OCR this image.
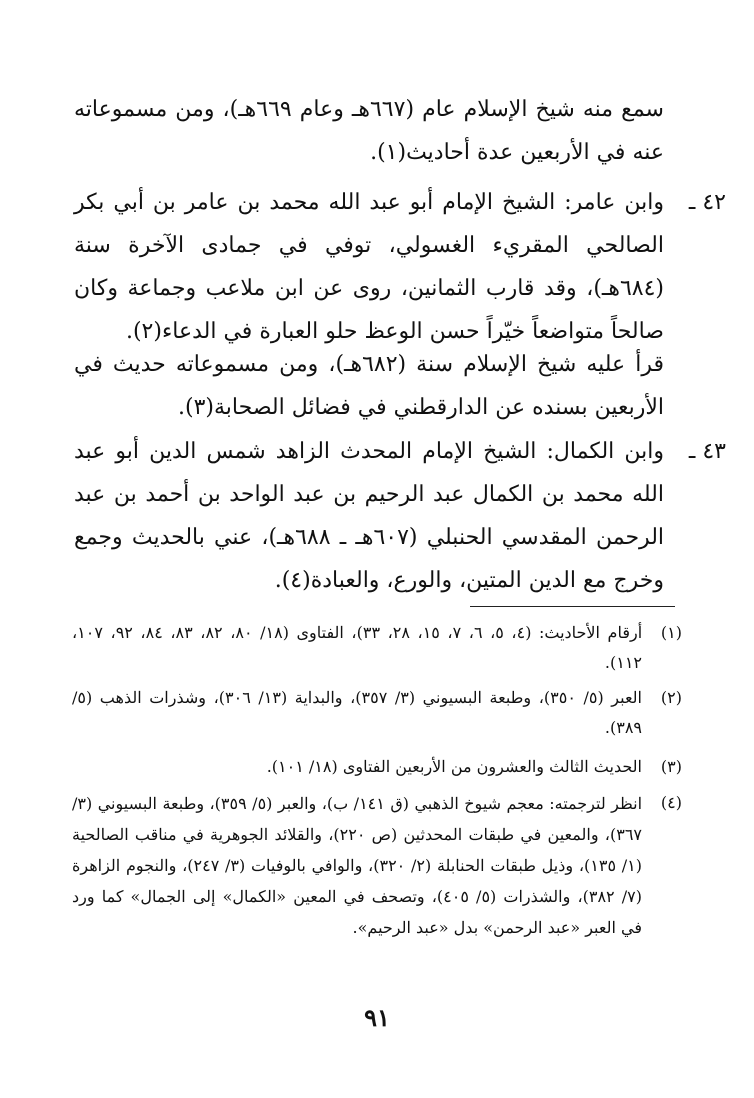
سمع منه شيخ الإسلام عام (٦٦٧هـ وعام ٦٦٩هـ)، ومن مسموعاته عنه في الأربعين عدة أحاديث(١).

٤٢ ـ

وابن عامر: الشيخ الإمام أبو عبد الله محمد بن عامر بن أبي بكر الصالحي المقريء الغسولي، توفي في جمادى الآخرة سنة (٦٨٤هـ)، وقد قارب الثمانين، روى عن ابن ملاعب وجماعة وكان صالحاً متواضعاً خيّراً حسن الوعظ حلو العبارة في الدعاء(٢).

قرأ عليه شيخ الإسلام سنة (٦٨٢هـ)، ومن مسموعاته حديث في الأربعين بسنده عن الدارقطني في فضائل الصحابة(٣).

٤٣ ـ

وابن الكمال: الشيخ الإمام المحدث الزاهد شمس الدين أبو عبد الله محمد بن الكمال عبد الرحيم بن عبد الواحد بن أحمد بن عبد الرحمن المقدسي الحنبلي (٦٠٧هـ ـ ٦٨٨هـ)، عني بالحديث وجمع وخرج مع الدين المتين، والورع، والعبادة(٤).

(١)

أرقام الأحاديث: (٤، ٥، ٦، ٧، ١٥، ٢٨، ٣٣)، الفتاوى (١٨/ ٨٠، ٨٢، ٨٣، ٨٤، ٩٢، ١٠٧، ١١٢).

(٢)

العبر (٥/ ٣٥٠)، وطبعة البسيوني (٣/ ٣٥٧)، والبداية (١٣/ ٣٠٦)، وشذرات الذهب (٥/ ٣٨٩).

(٣)

الحديث الثالث والعشرون من الأربعين الفتاوى (١٨/ ١٠١).

(٤)

انظر لترجمته: معجم شيوخ الذهبي (ق ١٤١/ ب)، والعبر (٥/ ٣٥٩)، وطبعة البسيوني (٣/ ٣٦٧)، والمعين في طبقات المحدثين (ص ٢٢٠)، والقلائد الجوهرية في مناقب الصالحية (١/ ١٣٥)، وذيل طبقات الحنابلة (٢/ ٣٢٠)، والوافي بالوفيات (٣/ ٢٤٧)، والنجوم الزاهرة (٧/ ٣٨٢)، والشذرات (٥/ ٤٠٥)، وتصحف في المعين «الكمال» إلى الجمال» كما ورد في العبر «عبد الرحمن» بدل «عبد الرحيم».

٩١
